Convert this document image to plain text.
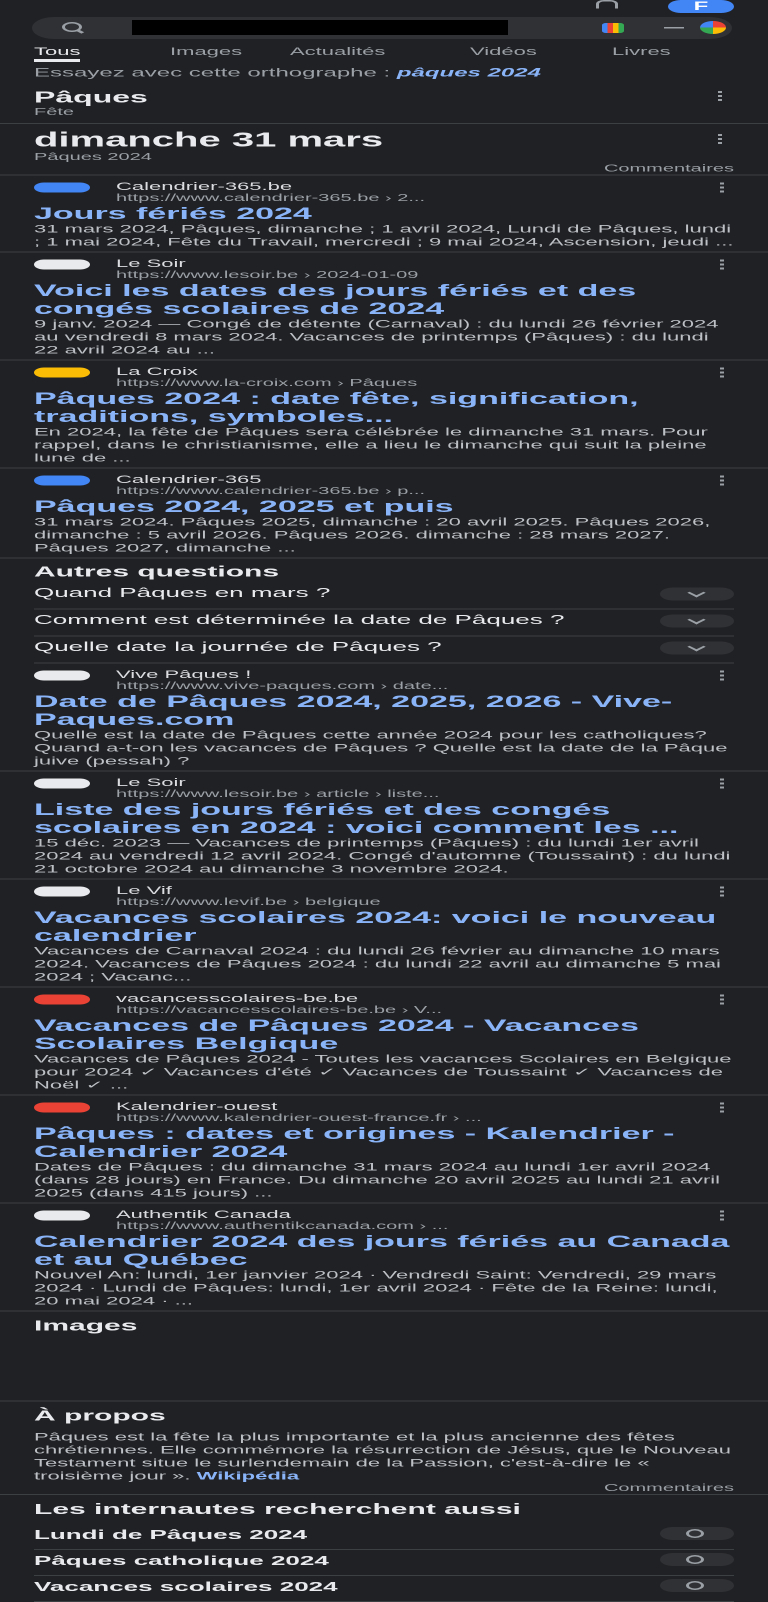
F
Tous	Images Actualités	Vidéos	Livres
Essayez avec cette orthographe : pâques 2024
Pâques
Fête
dimanche 31 mars
Pâques 2024
Commentaires
Calendrier-365.be
https://www.calendrier-365.be › 2...
Jours fériés 2024
31 mars 2024, Pâques, dimanche ; 1 avril 2024, Lundi de Pâques, lundi ; 1 mai 2024, Fête du Travail, mercredi ; 9 mai 2024, Ascension, jeudi ...
Le Soir
https://www.lesoir.be › 2024-01-09
Voici les dates des jours fériés et des congés scolaires de 2024
9 janv. 2024 — Congé de détente (Carnaval) : du lundi 26 février 2024 au vendredi 8 mars 2024. Vacances de printemps (Pâques) : du lundi 22 avril 2024 au ...
La Croix
https://www.la-croix.com › Pâques
Pâques 2024 : date fête, signification, traditions, symboles...
En 2024, la fête de Pâques sera célébrée le dimanche 31 mars. Pour rappel, dans le christianisme, elle a lieu le dimanche qui suit la pleine lune de ...
Calendrier-365
https://www.calendrier-365.be › p...
Pâques 2024, 2025 et puis
31 mars 2024. Pâques 2025, dimanche : 20 avril 2025. Pâques 2026, dimanche : 5 avril 2026. Pâques 2026. dimanche : 28 mars 2027. Pâques 2027, dimanche ...
Autres questions
Quand Pâques en mars ?
Comment est déterminée la date de Pâques ?
Quelle date la journée de Pâques ?
Vive Pâques !
https://www.vive-paques.com › date...
Date de Pâques 2024, 2025, 2026 - Vive-Paques.com
Quelle est la date de Pâques cette année 2024 pour les catholiques? Quand a-t-on les vacances de Pâques ? Quelle est la date de la Pâque juive (pessah) ?
Le Soir
https://www.lesoir.be › article › liste...
Liste des jours fériés et des congés scolaires en 2024 : voici comment les ...
15 déc. 2023 — Vacances de printemps (Pâques) : du lundi 1er avril 2024 au vendredi 12 avril 2024. Congé d'automne (Toussaint) : du lundi 21 octobre 2024 au dimanche 3 novembre 2024.
Le Vif
https://www.levif.be › belgique
Vacances scolaires 2024: voici le nouveau calendrier
Vacances de Carnaval 2024 : du lundi 26 février au dimanche 10 mars 2024. Vacances de Pâques 2024 : du lundi 22 avril au dimanche 5 mai 2024 ; Vacanc...
vacancesscolaires-be.be
https://vacancesscolaires-be.be › V...
Vacances de Pâques 2024 - Vacances Scolaires Belgique
Vacances de Pâques 2024 - Toutes les vacances Scolaires en Belgique pour 2024 ✓ Vacances d'été ✓ Vacances de Toussaint ✓ Vacances de Noël ✓ ...
Kalendrier-ouest
https://www.kalendrier-ouest-france.fr › ...
Pâques : dates et origines - Kalendrier - Calendrier 2024
Dates de Pâques : du dimanche 31 mars 2024 au lundi 1er avril 2024 (dans 28 jours) en France. Du dimanche 20 avril 2025 au lundi 21 avril 2025 (dans 415 jours) ...
Authentik Canada
https://www.authentikcanada.com › ...
Calendrier 2024 des jours fériés au Canada et au Québec
Nouvel An: lundi, 1er janvier 2024 · Vendredi Saint: Vendredi, 29 mars 2024 · Lundi de Pâques: lundi, 1er avril 2024 · Fête de la Reine: lundi, 20 mai 2024 · ...
Images
À propos
Pâques est la fête la plus importante et la plus ancienne des fêtes chrétiennes. Elle commémore la résurrection de Jésus, que le Nouveau Testament situe le surlendemain de la Passion, c'est-à-dire le « troisième jour ». Wikipédia
Commentaires
Les internautes recherchent aussi
Lundi de Pâques 2024
Pâques catholique 2024
Vacances scolaires 2024
